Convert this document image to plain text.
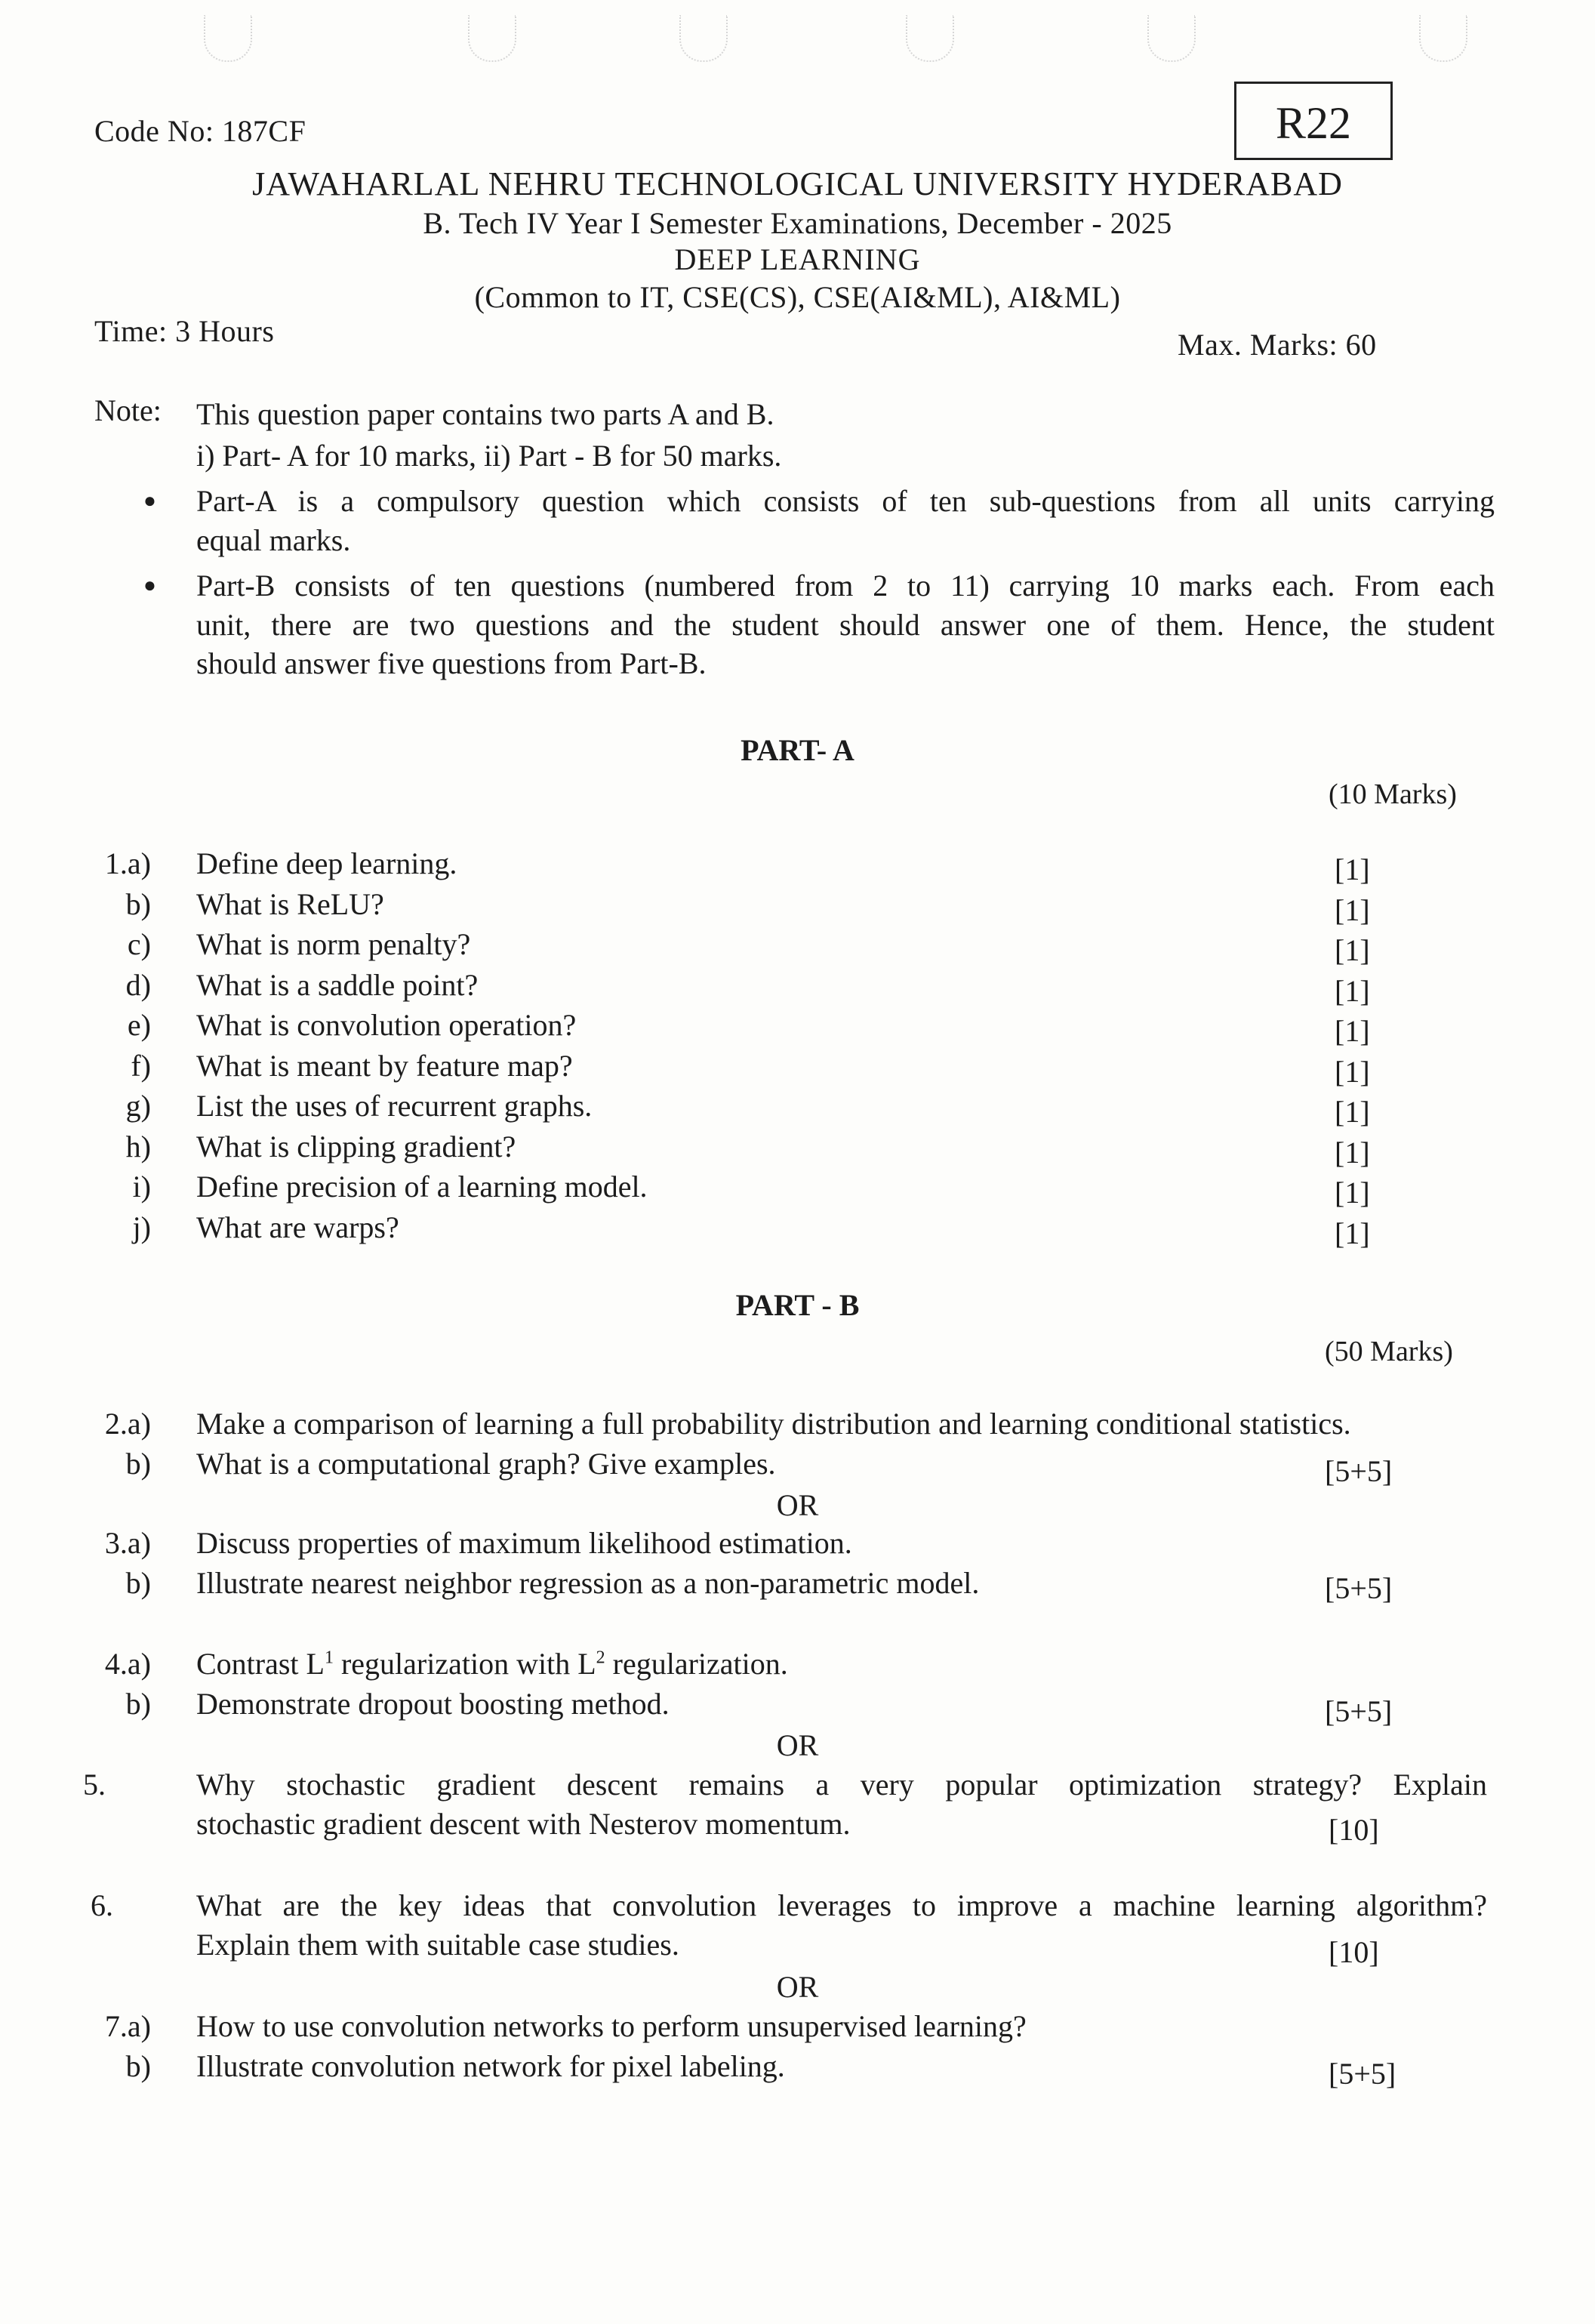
Code No: 187CF	R22
JAWAHARLAL NEHRU TECHNOLOGICAL UNIVERSITY HYDERABAD
B. Tech IV Year I Semester Examinations, December - 2025
DEEP LEARNING
(Common to IT, CSE(CS), CSE(AI&ML), AI&ML)
Time: 3 Hours	Max. Marks: 60
Note: This question paper contains two parts A and B.
i) Part- A for 10 marks, ii) Part - B for 50 marks.
● Part-A is a compulsory question which consists of ten sub-questions from all units carrying
equal marks.
● Part-B consists of ten questions (numbered from 2 to 11) carrying 10 marks each. From each
unit, there are two questions and the student should answer one of them. Hence, the student
should answer five questions from Part-B.
PART- A
(10 Marks)
1.a) Define deep learning.	[1]
b) What is ReLU?	[1]
c) What is norm penalty?	[1]
d) What is a saddle point?	[1]
e) What is convolution operation?	[1]
f) What is meant by feature map?	[1]
g) List the uses of recurrent graphs.	[1]
h) What is clipping gradient?	[1]
i) Define precision of a learning model.	[1]
j) What are warps?	[1]
PART - B
(50 Marks)
2.a) Make a comparison of learning a full probability distribution and learning conditional statistics.
b) What is a computational graph? Give examples.	[5+5]
OR
3.a) Discuss properties of maximum likelihood estimation.
b) Illustrate nearest neighbor regression as a non-parametric model.	[5+5]
4.a) Contrast $L^1$ regularization with $L^2$ regularization.
b) Demonstrate dropout boosting method.	[5+5]
OR
5.	Why stochastic gradient descent remains a very popular optimization strategy? Explain
stochastic gradient descent with Nesterov momentum.	[10]
6.	What are the key ideas that convolution leverages to improve a machine learning algorithm?
Explain them with suitable case studies.	[10]
OR
7.a) How to use convolution networks to perform unsupervised learning?
b) Illustrate convolution network for pixel labeling.	[5+5]
